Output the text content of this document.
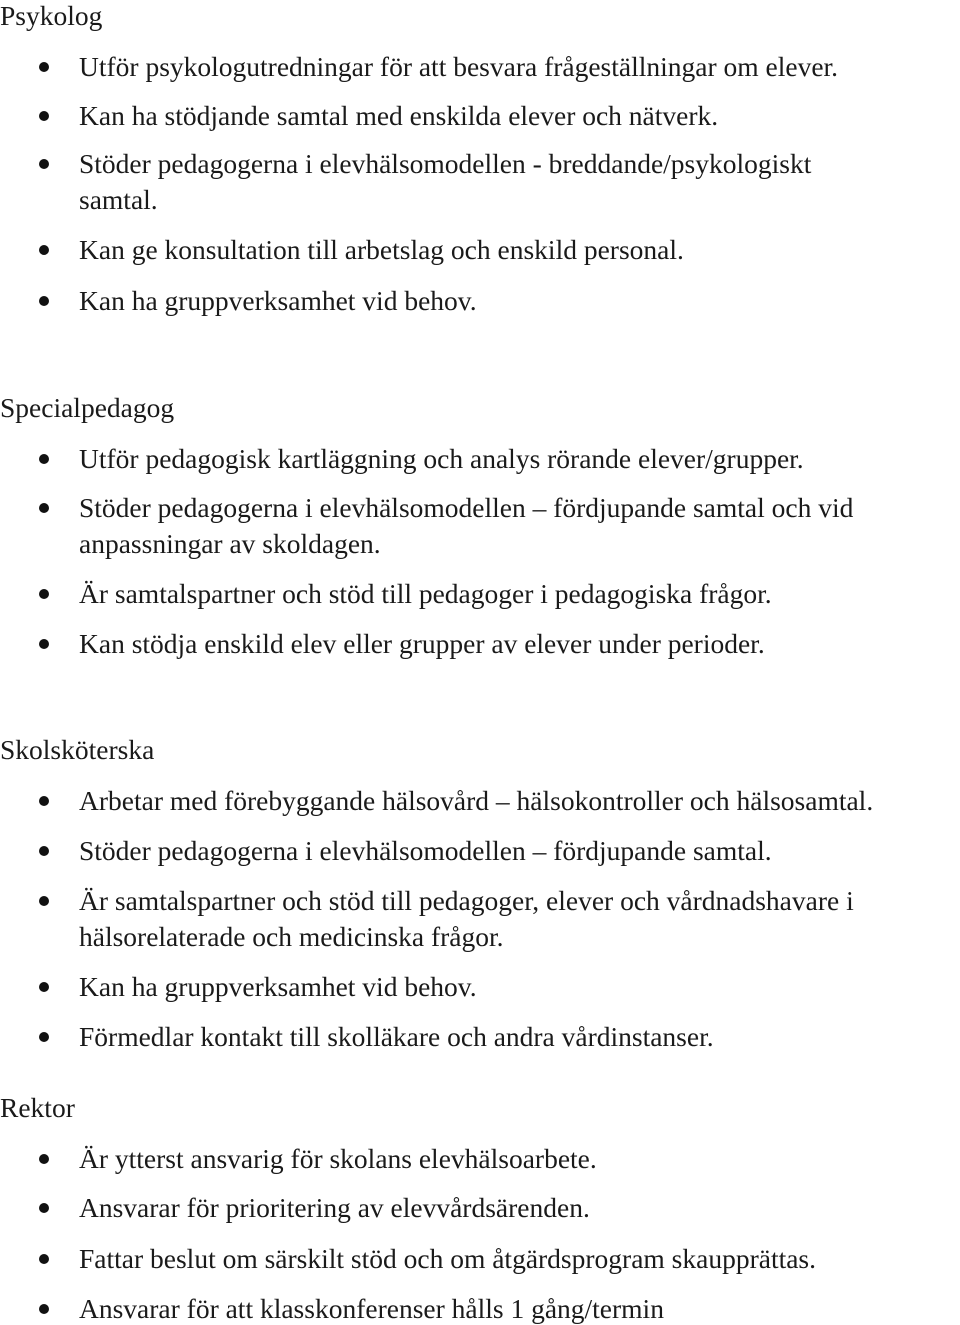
Psykolog
Utför psykologutredningar för att besvara frågeställningar om elever.
Kan ha stödjande samtal med enskilda elever och nätverk.
Stöder pedagogerna i elevhälsomodellen - breddande/psykologiskt
samtal.
Kan ge konsultation till arbetslag och enskild personal.
Kan ha gruppverksamhet vid behov.
Specialpedagog
Utför pedagogisk kartläggning och analys rörande elever/grupper.
Stöder pedagogerna i elevhälsomodellen – fördjupande samtal och vid
anpassningar av skoldagen.
Är samtalspartner och stöd till pedagoger i pedagogiska frågor.
Kan stödja enskild elev eller grupper av elever under perioder.
Skolsköterska
Arbetar med förebyggande hälsovård – hälsokontroller och hälsosamtal.
Stöder pedagogerna i elevhälsomodellen – fördjupande samtal.
Är samtalspartner och stöd till pedagoger, elever och vårdnadshavare i
hälsorelaterade och medicinska frågor.
Kan ha gruppverksamhet vid behov.
Förmedlar kontakt till skolläkare och andra vårdinstanser.
Rektor
Är ytterst ansvarig för skolans elevhälsoarbete.
Ansvarar för prioritering av elevvårdsärenden.
Fattar beslut om särskilt stöd och om åtgärdsprogram skaupprättas.
Ansvarar för att klasskonferenser hålls 1 gång/termin
